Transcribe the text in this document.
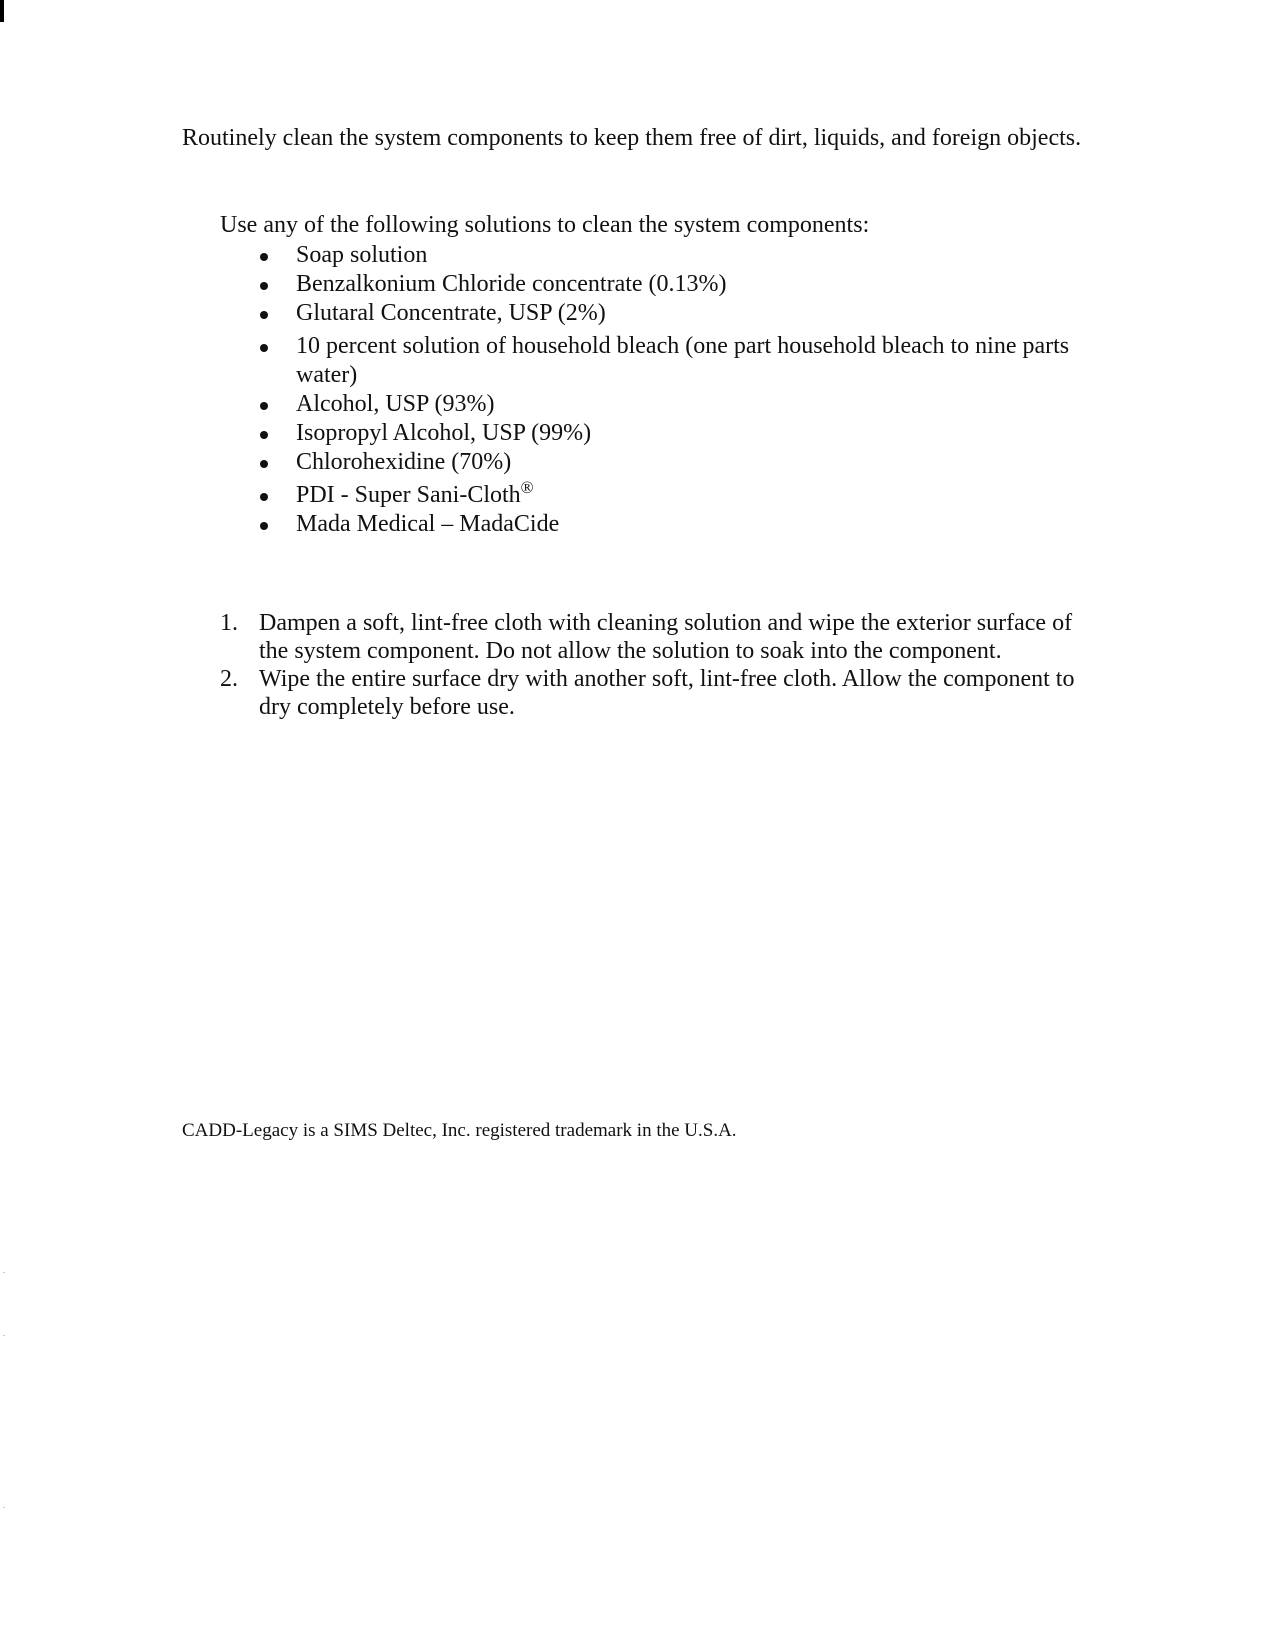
Routinely clean the system components to keep them free of dirt, liquids, and foreign objects.

Use any of the following solutions to clean the system components:

Soap solution
Benzalkonium Chloride concentrate (0.13%)
Glutaral Concentrate, USP (2%)
10 percent solution of household bleach (one part household bleach to nine parts water)
Alcohol, USP (93%)
Isopropyl Alcohol, USP (99%)
Chlorohexidine (70%)
PDI - Super Sani-Cloth®
Mada Medical – MadaCide
1. Dampen a soft, lint-free cloth with cleaning solution and wipe the exterior surface of the system component. Do not allow the solution to soak into the component.
2. Wipe the entire surface dry with another soft, lint-free cloth. Allow the component to dry completely before use.

CADD-Legacy is a SIMS Deltec, Inc. registered trademark in the U.S.A.
